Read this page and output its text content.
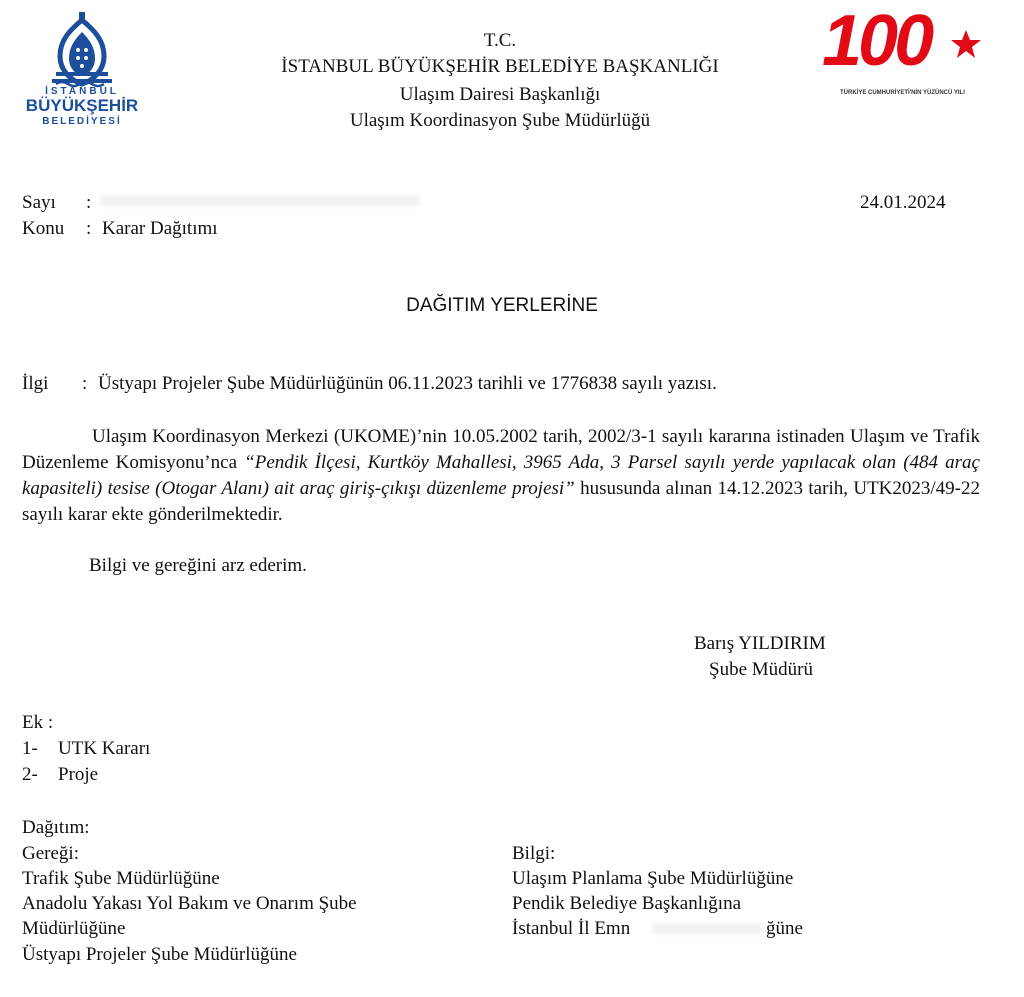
İSTANBUL
BÜYÜKŞEHİR
BELEDİYESİ
100
TÜRKİYE CUMHURİYETİ'NİN YÜZÜNCÜ YILI
T.C.
İSTANBUL BÜYÜKŞEHİR BELEDİYE BAŞKANLIĞI
Ulaşım Dairesi Başkanlığı
Ulaşım Koordinasyon Şube Müdürlüğü
Sayı :	24.01.2024
Konu : Karar Dağıtımı
DAĞITIM YERLERİNE
İlgi : Üstyapı Projeler Şube Müdürlüğünün 06.11.2023 tarihli ve 1776838 sayılı yazısı.
Ulaşım Koordinasyon Merkezi (UKOME)’nin 10.05.2002 tarih, 2002/3-1 sayılı kararına istinaden Ulaşım ve Trafik Düzenleme Komisyonu’nca “Pendik İlçesi, Kurtköy Mahallesi, 3965 Ada, 3 Parsel sayılı yerde yapılacak olan (484 araç kapasiteli) tesise (Otogar Alanı) ait araç giriş-çıkışı düzenleme projesi” hususunda alınan 14.12.2023 tarih, UTK2023/49-22 sayılı karar ekte gönderilmektedir.
Bilgi ve gereğini arz ederim.
Barış YILDIRIM
Şube Müdürü
Ek :
1- UTK Kararı
2- Proje
Dağıtım:
Gereği:
Trafik Şube Müdürlüğüne
Anadolu Yakası Yol Bakım ve Onarım Şube
Müdürlüğüne
Üstyapı Projeler Şube Müdürlüğüne
Bilgi:
Ulaşım Planlama Şube Müdürlüğüne
Pendik Belediye Başkanlığına
İstanbul İl Emn	ğüne
